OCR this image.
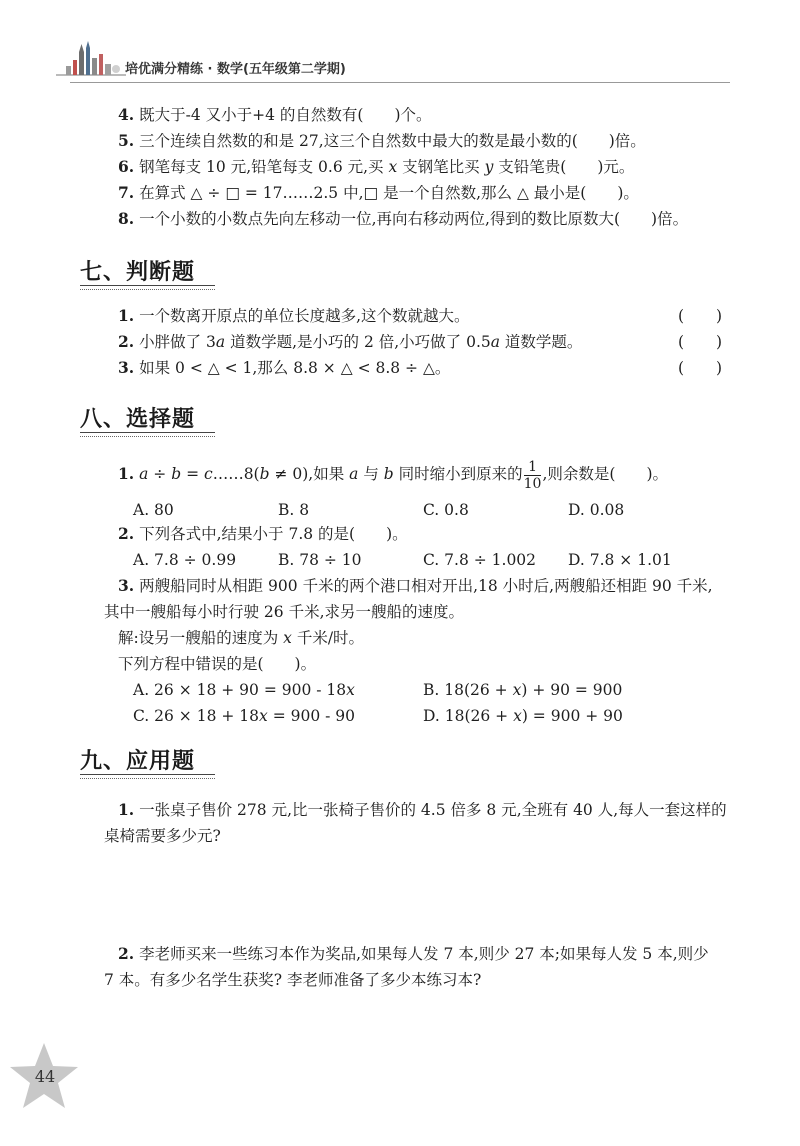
培优满分精练 · 数学(五年级第二学期)
4. 既大于-4 又小于+4 的自然数有(　　)个。
5. 三个连续自然数的和是 27,这三个自然数中最大的数是最小数的(　　)倍。
6. 钢笔每支 10 元,铅笔每支 0.6 元,买 x 支钢笔比买 y 支铅笔贵(　　)元。
7. 在算式 △ ÷ □ = 17……2.5 中,□ 是一个自然数,那么 △ 最小是(　　)。
8. 一个小数的小数点先向左移动一位,再向右移动两位,得到的数比原数大(　　)倍。
七、判断题
1. 一个数离开原点的单位长度越多,这个数就越大。	( )
2. 小胖做了 3a 道数学题,是小巧的 2 倍,小巧做了 0.5a 道数学题。	( )
3. 如果 0 < △ < 1,那么 8.8 × △ < 8.8 ÷ △。	( )
八、选择题
1. a ÷ b = c……8(b ≠ 0),如果 a 与 b 同时缩小到原来的 $\frac{1}{10}$ ,则余数是(　　)。
A. 80	B. 8	C. 0.8	D. 0.08
2. 下列各式中,结果小于 7.8 的是(　　)。
A. 7.8 ÷ 0.99	B. 78 ÷ 10	C. 7.8 ÷ 1.002 D. 7.8 × 1.01
3. 两艘船同时从相距 900 千米的两个港口相对开出,18 小时后,两艘船还相距 90 千米,
其中一艘船每小时行驶 26 千米,求另一艘船的速度。
解:设另一艘船的速度为 x 千米/时。
下列方程中错误的是(　　)。
A. 26 × 18 + 90 = 900 - 18x	B. 18(26 + x) + 90 = 900
C. 26 × 18 + 18x = 900 - 90	D. 18(26 + x) = 900 + 90
九、应用题
1. 一张桌子售价 278 元,比一张椅子售价的 4.5 倍多 8 元,全班有 40 人,每人一套这样的
桌椅需要多少元?
2. 李老师买来一些练习本作为奖品,如果每人发 7 本,则少 27 本;如果每人发 5 本,则少
7 本。有多少名学生获奖? 李老师准备了多少本练习本?
44
